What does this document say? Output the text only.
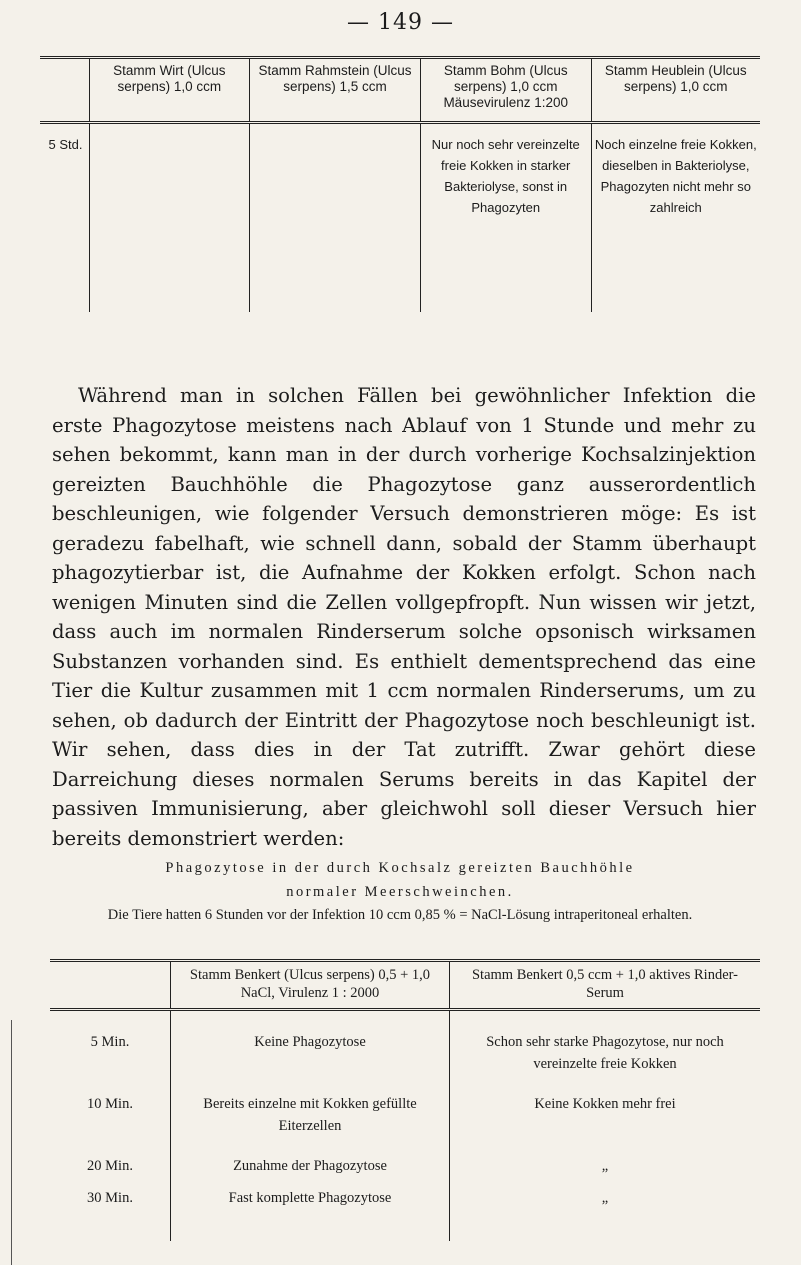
— 149 —
	Stamm Wirt (Ulcus serpens) 1,0 ccm	Stamm Rahmstein (Ulcus serpens) 1,5 ccm	Stamm Bohm (Ulcus serpens) 1,0 ccm Mäusevirulenz 1:200	Stamm Heublein (Ulcus serpens) 1,0 ccm
5 Std.			Nur noch sehr vereinzelte freie Kokken in starker Bakteriolyse, sonst in Phagozyten	Noch einzelne freie Kokken, dieselben in Bakteriolyse, Phagozyten nicht mehr so zahlreich

Während man in solchen Fällen bei gewöhnlicher Infektion die erste Phagozytose meistens nach Ablauf von 1 Stunde und mehr zu sehen bekommt, kann man in der durch vorherige Kochsalzinjektion gereizten Bauchhöhle die Phagozytose ganz ausserordentlich beschleunigen, wie folgender Versuch demonstrieren möge: Es ist geradezu fabelhaft, wie schnell dann, sobald der Stamm überhaupt phagozytierbar ist, die Aufnahme der Kokken erfolgt. Schon nach wenigen Minuten sind die Zellen vollgepfropft. Nun wissen wir jetzt, dass auch im normalen Rinderserum solche opsonisch wirksamen Substanzen vorhanden sind. Es enthielt dementsprechend das eine Tier die Kultur zusammen mit 1 ccm normalen Rinderserums, um zu sehen, ob dadurch der Eintritt der Phagozytose noch beschleunigt ist. Wir sehen, dass dies in der Tat zutrifft. Zwar gehört diese Darreichung dieses normalen Serums bereits in das Kapitel der passiven Immunisierung, aber gleichwohl soll dieser Versuch hier bereits demonstriert werden:

Phagozytose in der durch Kochsalz gereizten Bauchhöhle
normaler Meerschweinchen.
Die Tiere hatten 6 Stunden vor der Infektion 10 ccm 0,85 % = NaCl-Lösung intraperitoneal erhalten.
	Stamm Benkert (Ulcus serpens) 0,5 + 1,0 NaCl, Virulenz 1 : 2000	Stamm Benkert 0,5 ccm + 1,0 aktives Rinder-Serum
5 Min.	Keine Phagozytose	Schon sehr starke Phagozytose, nur noch vereinzelte freie Kokken
10 Min.	Bereits einzelne mit Kokken gefüllte Eiterzellen	Keine Kokken mehr frei
20 Min.	Zunahme der Phagozytose	„
30 Min.	Fast komplette Phagozytose	„
